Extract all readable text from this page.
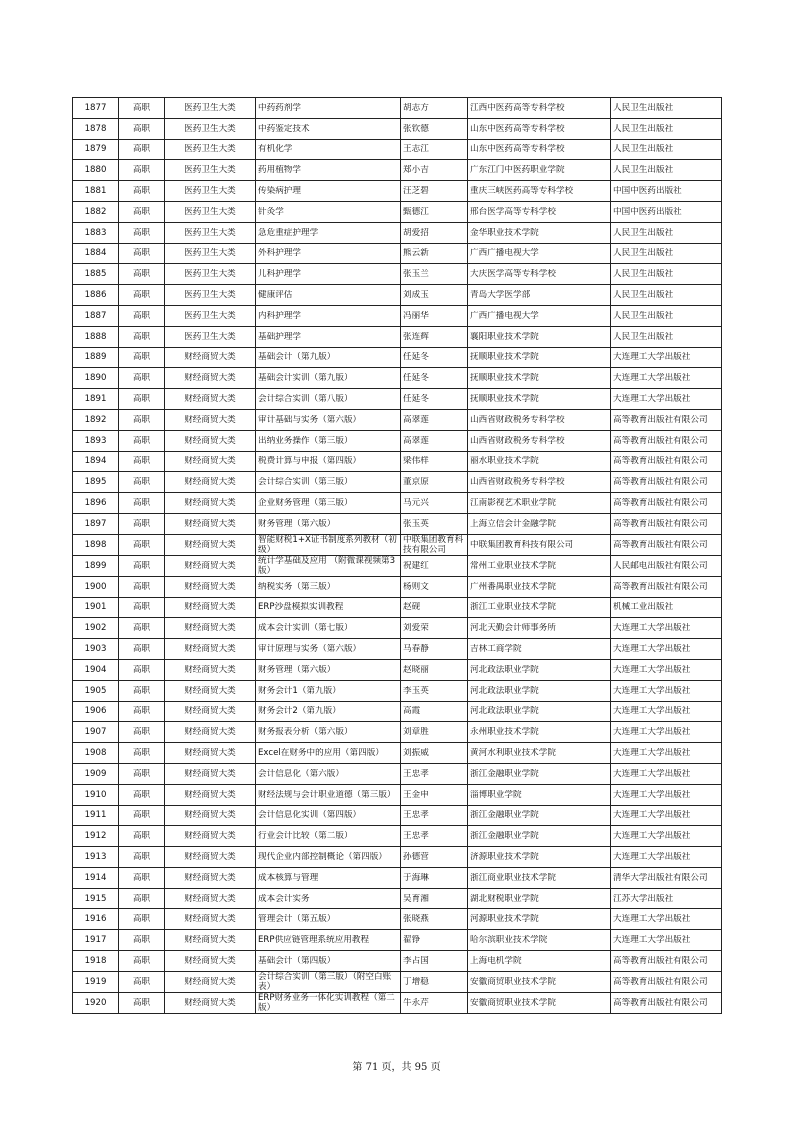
1877	高职	医药卫生大类	中药药剂学	胡志方	江西中医药高等专科学校	人民卫生出版社

1878	高职	医药卫生大类	中药鉴定技术	张钦德	山东中医药高等专科学校	人民卫生出版社

1879	高职	医药卫生大类	有机化学	王志江	山东中医药高等专科学校	人民卫生出版社

1880	高职	医药卫生大类	药用植物学	郑小吉	广东江门中医药职业学院	人民卫生出版社

1881	高职	医药卫生大类	传染病护理	汪芝碧	重庆三峡医药高等专科学校	中国中医药出版社

1882	高职	医药卫生大类	针灸学	甄德江	邢台医学高等专科学校	中国中医药出版社

1883	高职	医药卫生大类	急危重症护理学	胡爱招	金华职业技术学院	人民卫生出版社

1884	高职	医药卫生大类	外科护理学	熊云新	广西广播电视大学	人民卫生出版社

1885	高职	医药卫生大类	儿科护理学	张玉兰	大庆医学高等专科学校	人民卫生出版社

1886	高职	医药卫生大类	健康评估	刘成玉	青岛大学医学部	人民卫生出版社

1887	高职	医药卫生大类	内科护理学	冯丽华	广西广播电视大学	人民卫生出版社

1888	高职	医药卫生大类	基础护理学	张连辉	襄阳职业技术学院	人民卫生出版社

1889	高职	财经商贸大类	基础会计（第九版）	任延冬	抚顺职业技术学院	大连理工大学出版社

1890	高职	财经商贸大类	基础会计实训（第九版）	任延冬	抚顺职业技术学院	大连理工大学出版社

1891	高职	财经商贸大类	会计综合实训（第八版）	任延冬	抚顺职业技术学院	大连理工大学出版社

1892	高职	财经商贸大类	审计基础与实务（第六版）	高翠莲	山西省财政税务专科学校	高等教育出版社有限公司

1893	高职	财经商贸大类	出纳业务操作（第三版）	高翠莲	山西省财政税务专科学校	高等教育出版社有限公司

1894	高职	财经商贸大类	税费计算与申报（第四版）	梁伟样	丽水职业技术学院	高等教育出版社有限公司

1895	高职	财经商贸大类	会计综合实训（第三版）	董京原	山西省财政税务专科学校	高等教育出版社有限公司

1896	高职	财经商贸大类	企业财务管理（第三版）	马元兴	江南影视艺术职业学院	高等教育出版社有限公司

1897	高职	财经商贸大类	财务管理（第六版）	张玉英	上海立信会计金融学院	高等教育出版社有限公司

1898	高职	财经商贸大类	智能财税1+X证书制度系列教材（初级）	中联集团教育科技有限公司	中联集团教育科技有限公司	高等教育出版社有限公司

1899	高职	财经商贸大类	统计学基础及应用 （附微课视频第3版）	祝建红	常州工业职业技术学院	人民邮电出版社有限公司

1900	高职	财经商贸大类	纳税实务（第三版）	杨则文	广州番禺职业技术学院	高等教育出版社有限公司

1901	高职	财经商贸大类	ERP沙盘模拟实训教程	赵砚	浙江工业职业技术学院	机械工业出版社

1902	高职	财经商贸大类	成本会计实训（第七版）	刘爱荣	河北天勤会计师事务所	大连理工大学出版社

1903	高职	财经商贸大类	审计原理与实务（第六版）	马春静	吉林工商学院	大连理工大学出版社

1904	高职	财经商贸大类	财务管理（第六版）	赵晓丽	河北政法职业学院	大连理工大学出版社

1905	高职	财经商贸大类	财务会计1（第九版）	李玉英	河北政法职业学院	大连理工大学出版社

1906	高职	财经商贸大类	财务会计2（第九版）	高霞	河北政法职业学院	大连理工大学出版社

1907	高职	财经商贸大类	财务报表分析（第六版）	刘章胜	永州职业技术学院	大连理工大学出版社

1908	高职	财经商贸大类	Excel在财务中的应用（第四版）	刘振威	黄河水利职业技术学院	大连理工大学出版社

1909	高职	财经商贸大类	会计信息化（第六版）	王忠孝	浙江金融职业学院	大连理工大学出版社

1910	高职	财经商贸大类	财经法规与会计职业道德（第三版）	王金申	淄博职业学院	大连理工大学出版社

1911	高职	财经商贸大类	会计信息化实训（第四版）	王忠孝	浙江金融职业学院	大连理工大学出版社

1912	高职	财经商贸大类	行业会计比较（第二版）	王忠孝	浙江金融职业学院	大连理工大学出版社

1913	高职	财经商贸大类	现代企业内部控制概论（第四版）	孙德营	济源职业技术学院	大连理工大学出版社

1914	高职	财经商贸大类	成本核算与管理	于海琳	浙江商业职业技术学院	清华大学出版社有限公司

1915	高职	财经商贸大类	成本会计实务	吴育湘	湖北财税职业学院	江苏大学出版社

1916	高职	财经商贸大类	管理会计（第五版）	张晓燕	河源职业技术学院	大连理工大学出版社

1917	高职	财经商贸大类	ERP供应链管理系统应用教程	翟铮	哈尔滨职业技术学院	大连理工大学出版社

1918	高职	财经商贸大类	基础会计（第四版）	李占国	上海电机学院	高等教育出版社有限公司

1919	高职	财经商贸大类	会计综合实训（第三版）（附空白账表）	丁增稳	安徽商贸职业技术学院	高等教育出版社有限公司

1920	高职	财经商贸大类	ERP财务业务一体化实训教程（第二版）	牛永芹	安徽商贸职业技术学院	高等教育出版社有限公司
第 71 页，共 95 页
